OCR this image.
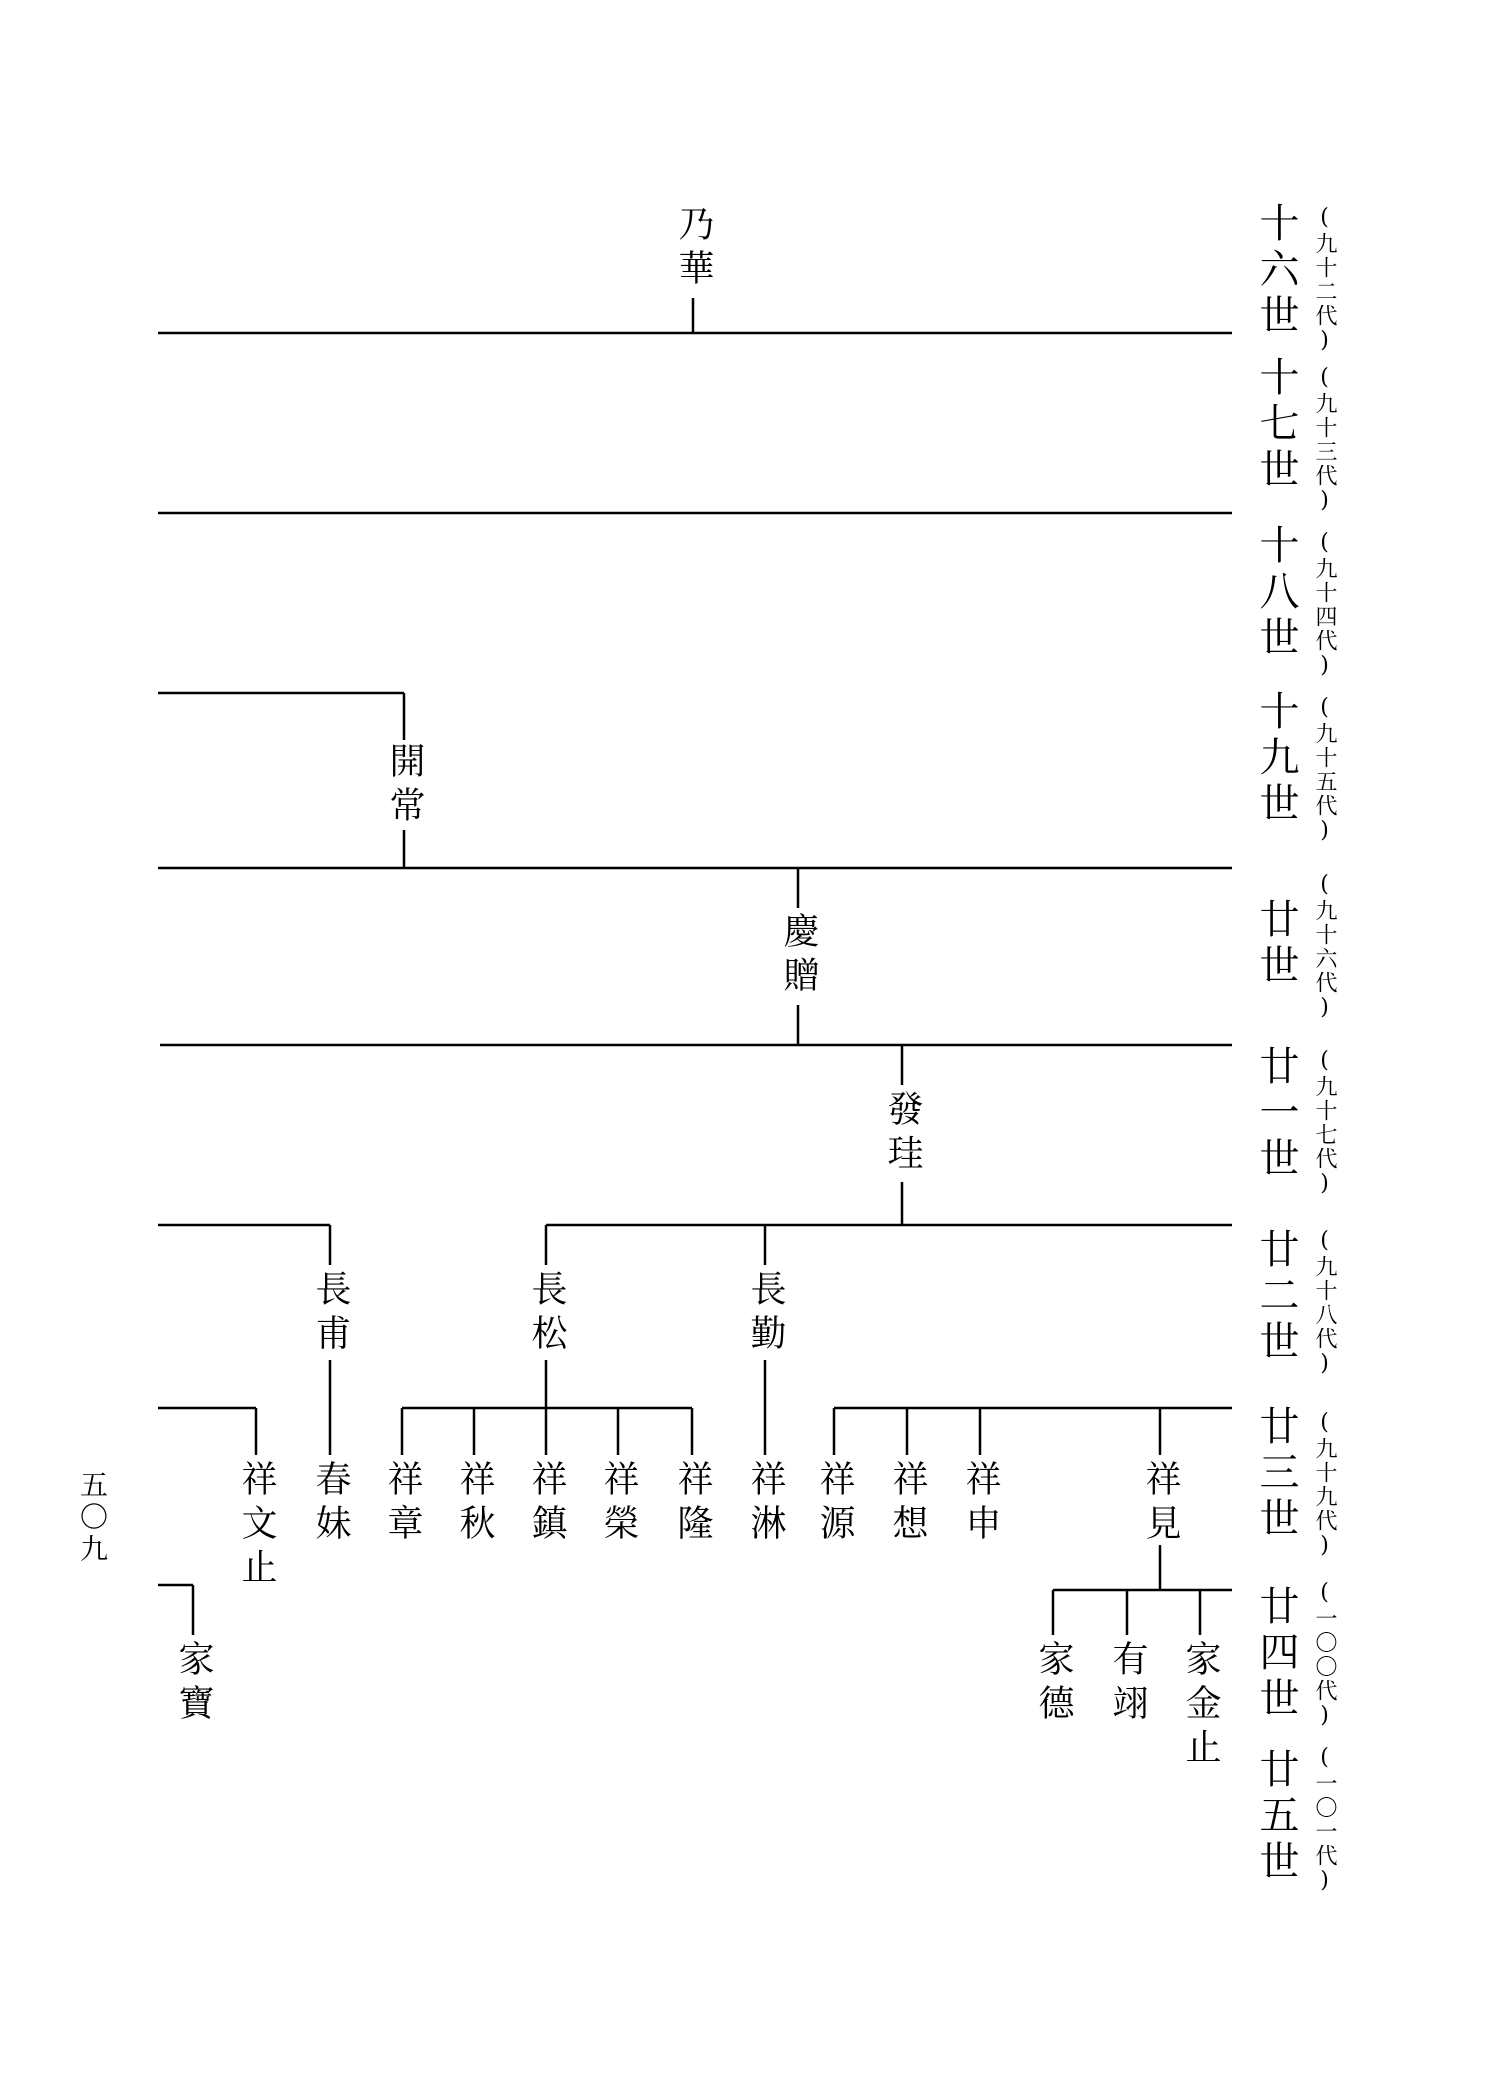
十六世 (九十二代)
十七世 (九十三代)
十八世 (九十四代)
十九世 (九十五代)
廿世 (九十六代)
廿一世 (九十七代)
廿二世 (九十八代)
廿三世 (九十九代)
廿四世 (一〇〇代)
廿五世 (一〇一代)
乃華
開常
慶贈
發珪
長甫	長松	長勤
祥文止 春妹 祥章 祥秋 祥鎮 祥榮 祥隆 祥淋 祥源 祥想 祥申	祥見
家德 有翊 家金止
家寶
五〇九
